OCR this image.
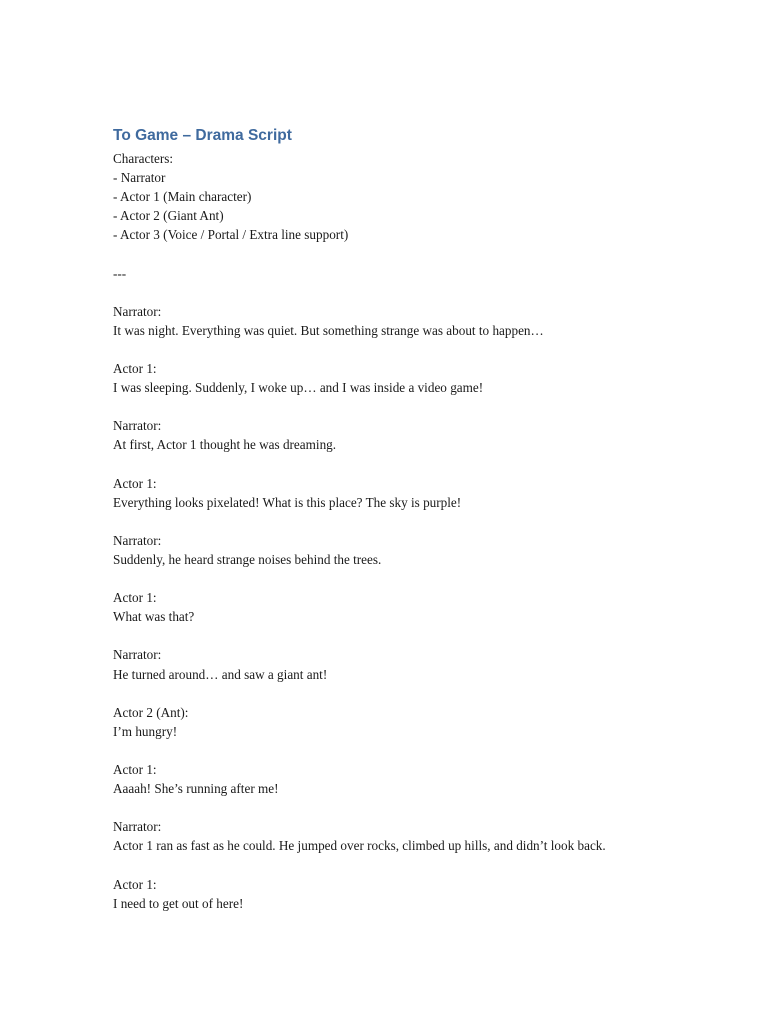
To Game – Drama Script
Characters:
- Narrator
- Actor 1 (Main character)
- Actor 2 (Giant Ant)
- Actor 3 (Voice / Portal / Extra line support)
---
Narrator:
It was night. Everything was quiet. But something strange was about to happen…
Actor 1:
I was sleeping. Suddenly, I woke up… and I was inside a video game!
Narrator:
At first, Actor 1 thought he was dreaming.
Actor 1:
Everything looks pixelated! What is this place? The sky is purple!
Narrator:
Suddenly, he heard strange noises behind the trees.
Actor 1:
What was that?
Narrator:
He turned around… and saw a giant ant!
Actor 2 (Ant):
I’m hungry!
Actor 1:
Aaaah! She’s running after me!
Narrator:
Actor 1 ran as fast as he could. He jumped over rocks, climbed up hills, and didn’t look back.
Actor 1:
I need to get out of here!
